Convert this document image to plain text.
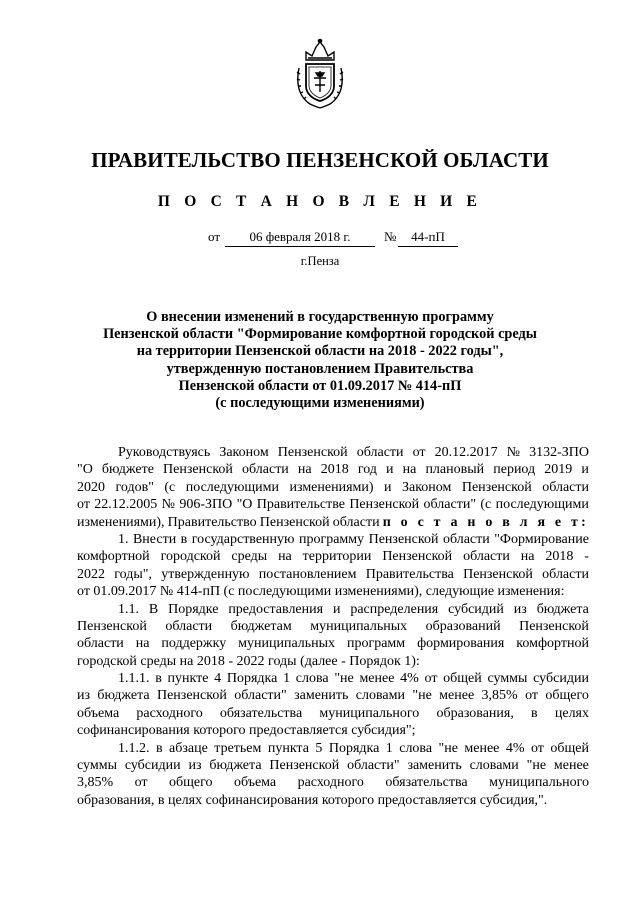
ПРАВИТЕЛЬСТВО ПЕНЗЕНСКОЙ ОБЛАСТИ
П О С Т А Н О В Л Е Н И Е
от	06 февраля 2018 г.	№	44-пП
г.Пенза
О внесении изменений в государственную программу
Пензенской области "Формирование комфортной городской среды
на территории Пензенской области на 2018 - 2022 годы",
утвержденную постановлением Правительства
Пензенской области от 01.09.2017 № 414-пП
(с последующими изменениями)
Руководствуясь Законом Пензенской области от 20.12.2017 № 3132-ЗПО
"О бюджете Пензенской области на 2018 год и на плановый период 2019 и
2020 годов" (с последующими изменениями) и Законом Пензенской области
от 22.12.2005 № 906-ЗПО "О Правительстве Пензенской области" (с последующими
изменениями), Правительство Пензенской области п о с т а н о в л я е т:
1. Внести в государственную программу Пензенской области "Формирование
комфортной городской среды на территории Пензенской области на 2018 -
2022 годы", утвержденную постановлением Правительства Пензенской области
от 01.09.2017 № 414-пП (с последующими изменениями), следующие изменения:
1.1. В Порядке предоставления и распределения субсидий из бюджета
Пензенской области бюджетам муниципальных образований Пензенской
области на поддержку муниципальных программ формирования комфортной
городской среды на 2018 - 2022 годы (далее - Порядок 1):
1.1.1. в пункте 4 Порядка 1 слова "не менее 4% от общей суммы субсидии
из бюджета Пензенской области" заменить словами "не менее 3,85% от общего
объема расходного обязательства муниципального образования, в целях
софинансирования которого предоставляется субсидия";
1.1.2. в абзаце третьем пункта 5 Порядка 1 слова "не менее 4% от общей
суммы субсидии из бюджета Пензенской области" заменить словами "не менее
3,85% от общего объема расходного обязательства муниципального
образования, в целях софинансирования которого предоставляется субсидия,".
